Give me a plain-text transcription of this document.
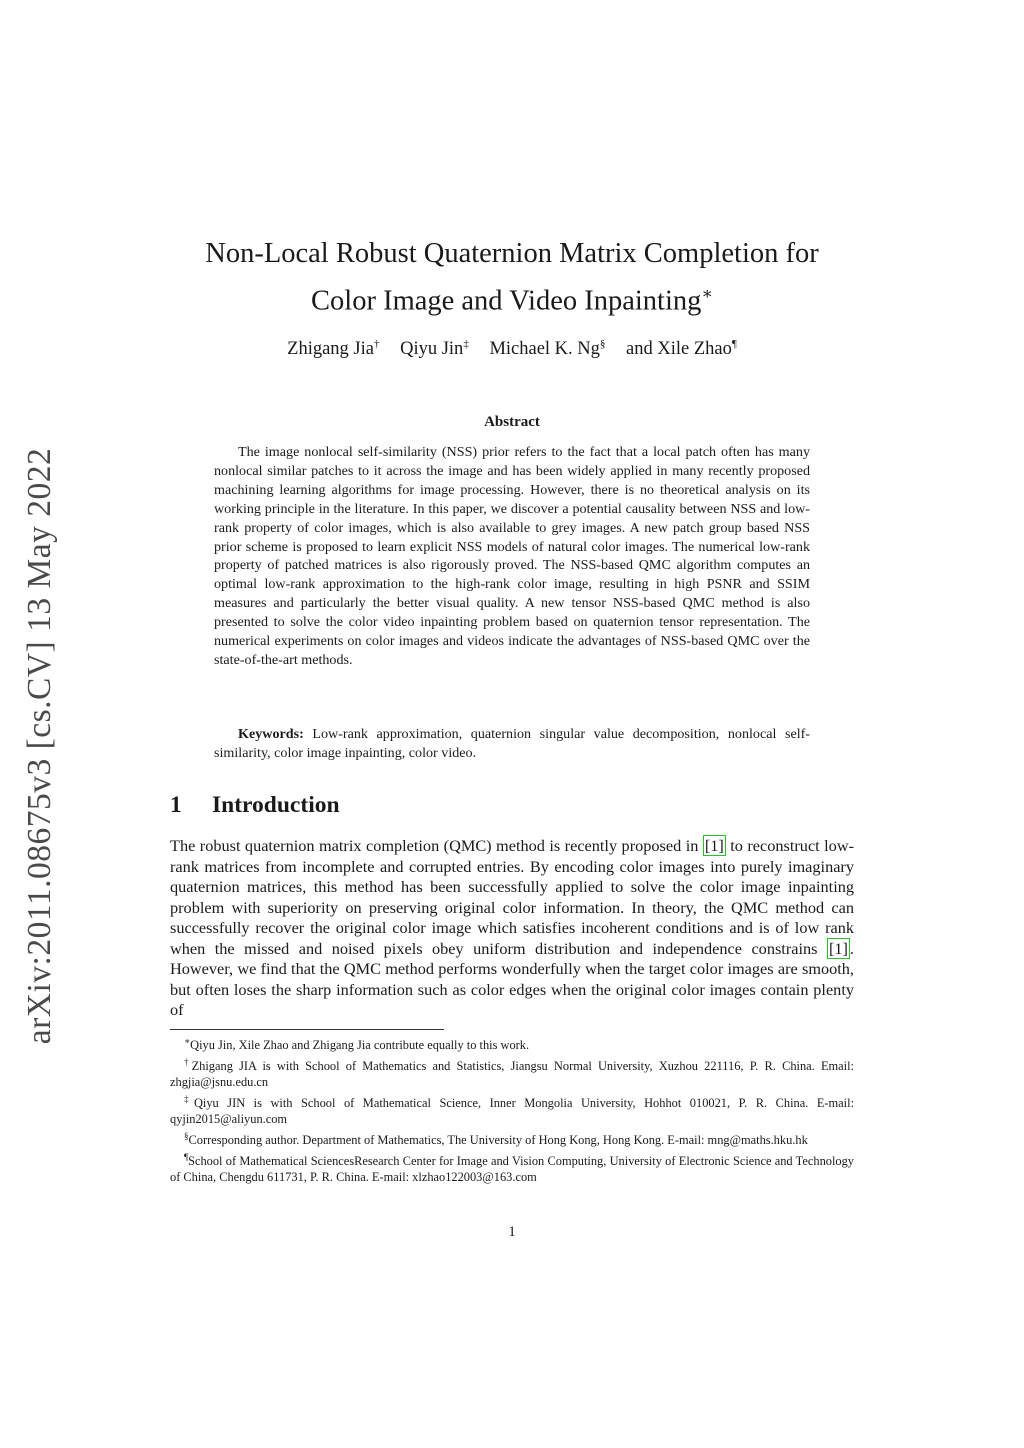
arXiv:2011.08675v3 [cs.CV] 13 May 2022
Non-Local Robust Quaternion Matrix Completion for
Color Image and Video Inpainting∗
Zhigang Jia† Qiyu Jin‡ Michael K. Ng§ and Xile Zhao¶
Abstract

The image nonlocal self-similarity (NSS) prior refers to the fact that a local patch often has many nonlocal similar patches to it across the image and has been widely applied in many recently proposed machining learning algorithms for image processing. However, there is no theoretical analysis on its working principle in the literature. In this paper, we discover a potential causality between NSS and low-rank property of color images, which is also available to grey images. A new patch group based NSS prior scheme is proposed to learn explicit NSS models of natural color images. The numerical low-rank property of patched matrices is also rigorously proved. The NSS-based QMC algorithm computes an optimal low-rank approximation to the high-rank color image, resulting in high PSNR and SSIM measures and particularly the better visual quality. A new tensor NSS-based QMC method is also presented to solve the color video inpainting problem based on quaternion tensor representation. The numerical experiments on color images and videos indicate the advantages of NSS-based QMC over the state-of-the-art methods.

Keywords: Low-rank approximation, quaternion singular value decomposition, nonlocal self-similarity, color image inpainting, color video.

1 Introduction

The robust quaternion matrix completion (QMC) method is recently proposed in [1] to reconstruct low-rank matrices from incomplete and corrupted entries. By encoding color images into purely imaginary quaternion matrices, this method has been successfully applied to solve the color image inpainting problem with superiority on preserving original color information. In theory, the QMC method can successfully recover the original color image which satisfies incoherent conditions and is of low rank when the missed and noised pixels obey uniform distribution and independence constrains [1] . However, we find that the QMC method performs wonderfully when the target color images are smooth, but often loses the sharp information such as color edges when the original color images contain plenty of

∗Qiyu Jin, Xile Zhao and Zhigang Jia contribute equally to this work.

†Zhigang JIA is with School of Mathematics and Statistics, Jiangsu Normal University, Xuzhou 221116, P. R. China. Email: zhgjia@jsnu.edu.cn

‡Qiyu JIN is with School of Mathematical Science, Inner Mongolia University, Hohhot 010021, P. R. China. E-mail: qyjin2015@aliyun.com

§Corresponding author. Department of Mathematics, The University of Hong Kong, Hong Kong. E-mail: mng@maths.hku.hk

¶School of Mathematical SciencesResearch Center for Image and Vision Computing, University of Electronic Science and Technology of China, Chengdu 611731, P. R. China. E-mail: xlzhao122003@163.com

1
